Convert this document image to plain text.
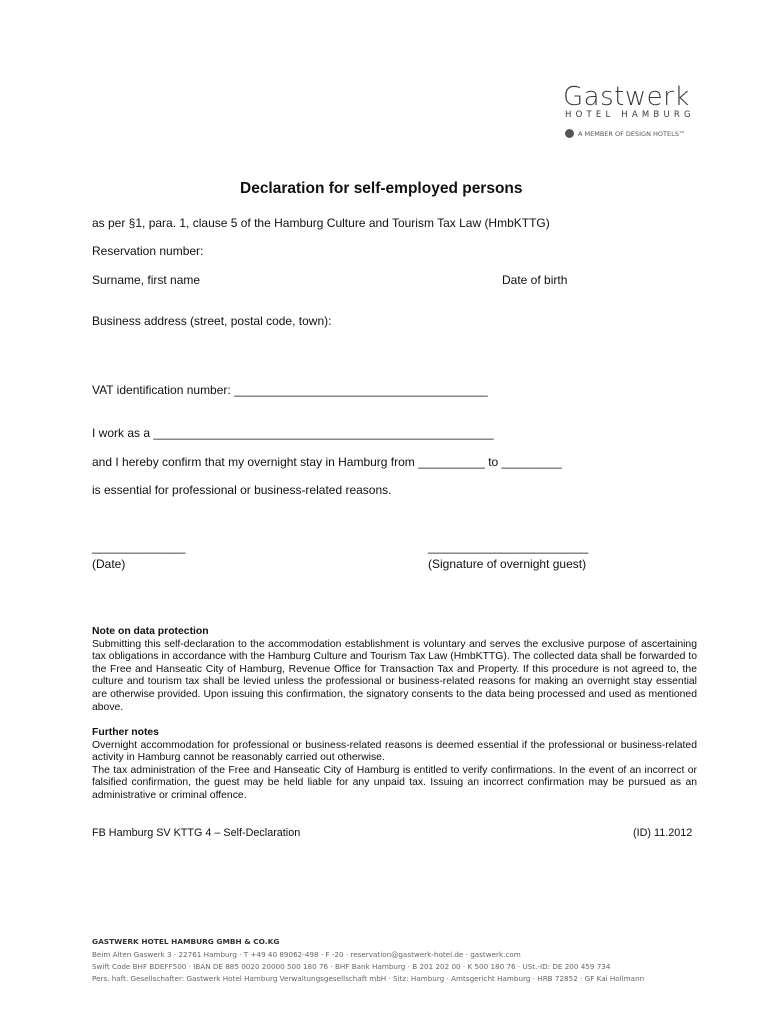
Gastwerk
HOTEL HAMBURG
A MEMBER OF DESIGN HOTELS™
Declaration for self-employed persons
as per §1, para. 1, clause 5 of the Hamburg Culture and Tourism Tax Law (HmbKTTG)
Reservation number:
Surname, first name	Date of birth
Business address (street, postal code, town):
VAT identification number: ______________________________________
I work as a ___________________________________________________
and I hereby confirm that my overnight stay in Hamburg from __________ to _________
is essential for professional or business-related reasons.
______________	________________________
(Date)	(Signature of overnight guest)
Note on data protection
Submitting this self-declaration to the accommodation establishment is voluntary and serves the exclusive purpose of ascertaining tax obligations in accordance with the Hamburg Culture and Tourism Tax Law (HmbKTTG). The collected data shall be forwarded to the Free and Hanseatic City of Hamburg, Revenue Office for Transaction Tax and Property. If this procedure is not agreed to, the culture and tourism tax shall be levied unless the professional or business-related reasons for making an overnight stay essential are otherwise provided. Upon issuing this confirmation, the signatory consents to the data being processed and used as mentioned above.
Further notes
Overnight accommodation for professional or business-related reasons is deemed essential if the professional or business-related activity in Hamburg cannot be reasonably carried out otherwise.
The tax administration of the Free and Hanseatic City of Hamburg is entitled to verify confirmations. In the event of an incorrect or falsified confirmation, the guest may be held liable for any unpaid tax. Issuing an incorrect confirmation may be pursued as an administrative or criminal offence.
FB Hamburg SV KTTG 4 – Self-Declaration	(ID) 11.2012
GASTWERK HOTEL HAMBURG GMBH & CO.KG
Beim Alten Gaswerk 3 · 22761 Hamburg · T +49 40 89062-498 · F -20 · reservation@gastwerk-hotel.de · gastwerk.com
Swift Code BHF BDEFF500 · IBAN DE 885 0020 20000 500 180 76 · BHF Bank Hamburg · B 201 202 00 · K 500 180 76 · USt.-ID: DE 200 459 734
Pers. haft. Gesellschafter: Gastwerk Hotel Hamburg Verwaltungsgesellschaft mbH · Sitz: Hamburg · Amtsgericht Hamburg · HRB 72852 · GF Kai Hollmann
